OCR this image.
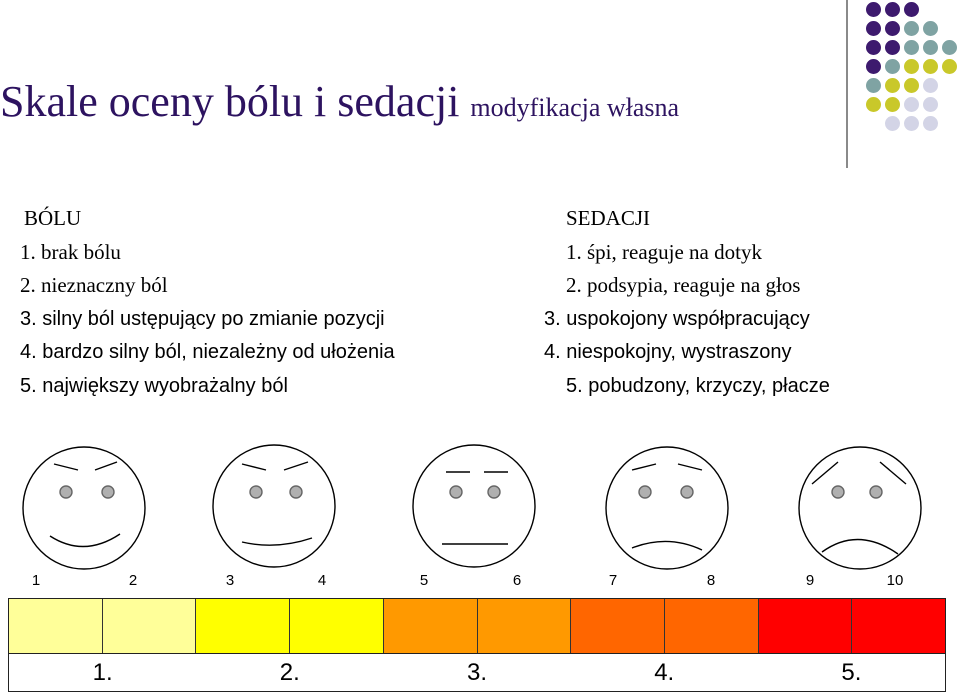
Skale oceny bólu i sedacji modyfikacja własna
BÓLU
1. brak bólu
2. nieznaczny ból
3. silny ból ustępujący po zmianie pozycji
4. bardzo silny ból, niezależny od ułożenia
5. największy wyobrażalny ból
SEDACJI
1. śpi, reaguje na dotyk
2. podsypia, reaguje na głos
3. uspokojony współpracujący
4. niespokojny, wystraszony
5. pobudzony, krzyczy, płacze
1	2	3	4	5	6	7	8	9	10
1.	2.	3.	4.	5.
